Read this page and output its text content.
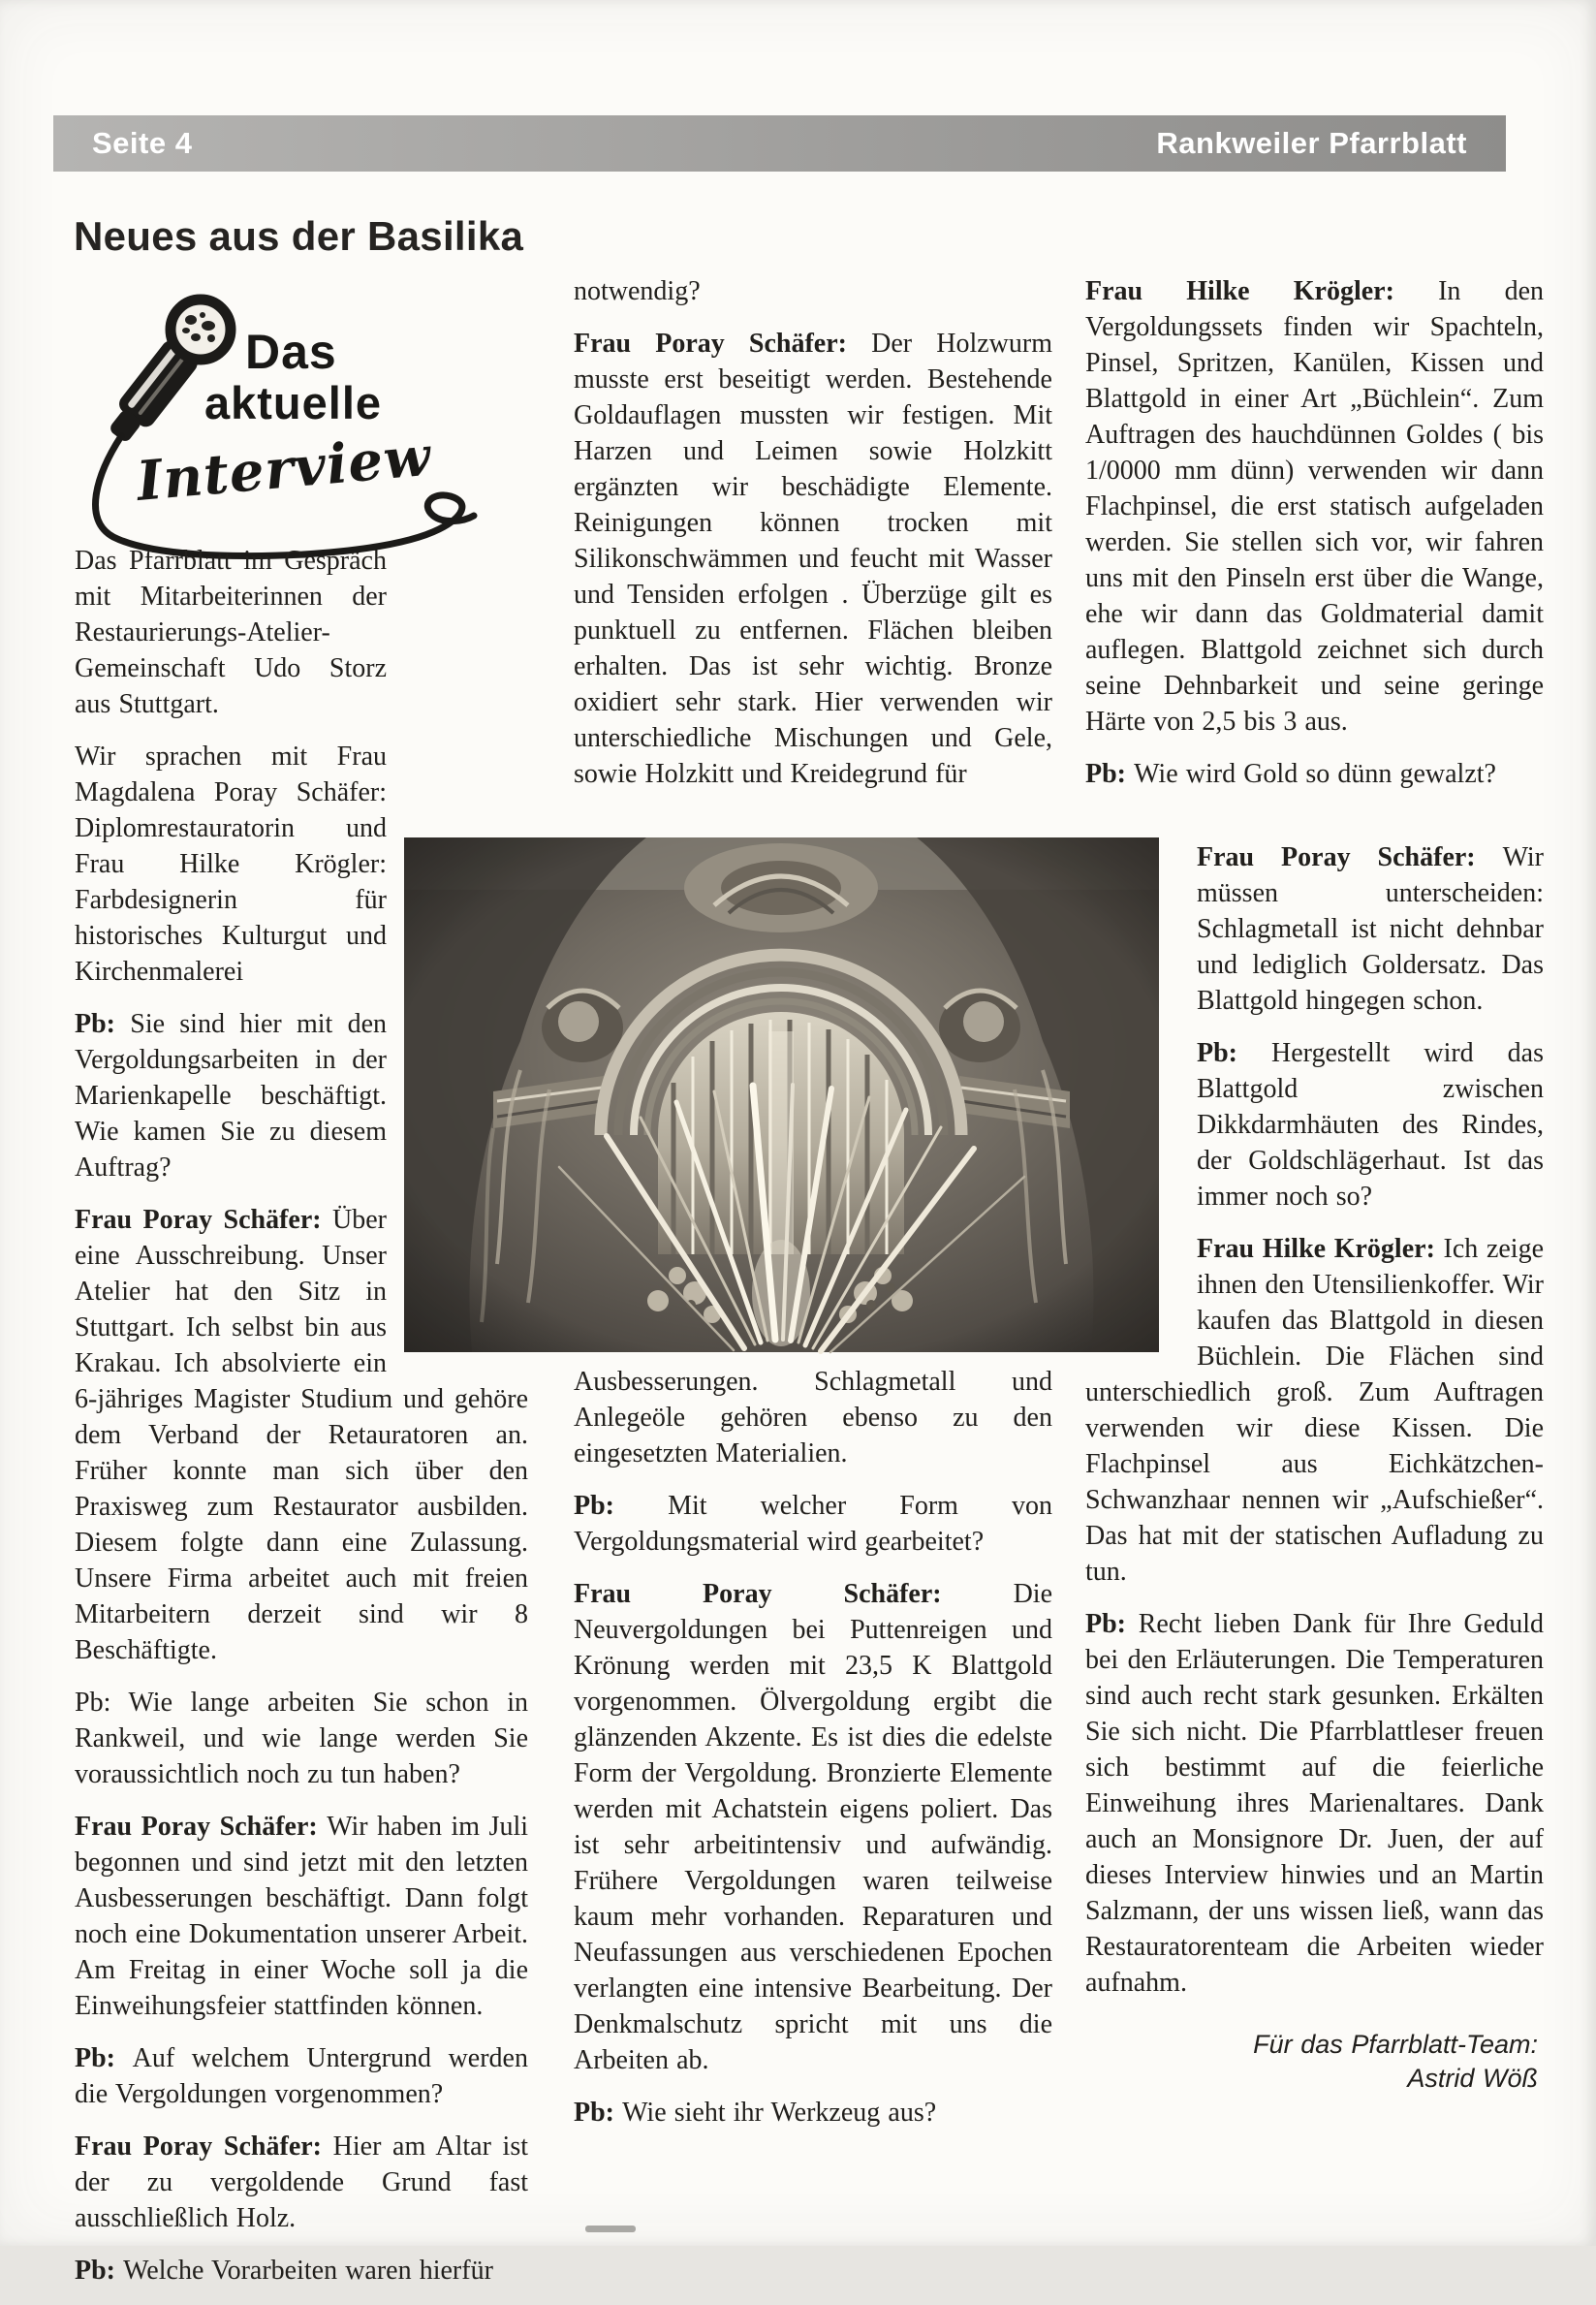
Seite 4	Rankweiler Pfarrblatt
Neues aus der Basilika
Das
aktuelle
Interview

Das Pfarrblatt im Gespräch mit Mitarbeiterinnen der Restaurierungs-Atelier-Gemeinschaft Udo Storz aus Stuttgart.

Wir sprachen mit Frau Magdalena Poray Schäfer: Diplomrestauratorin und Frau Hilke Krögler: Farbdesignerin für historisches Kulturgut und Kirchenmalerei

Pb: Sie sind hier mit den Vergoldungsarbeiten in der Marienkapelle beschäftigt. Wie kamen Sie zu diesem Auftrag?

Frau Poray Schäfer: Über eine Ausschreibung. Unser Atelier hat den Sitz in Stuttgart. Ich selbst bin aus Krakau. Ich absolvierte ein 6-jähriges Magister Studium und gehöre dem Verband der Retauratoren an. Früher konnte man sich über den Praxisweg zum Restaurator ausbilden. Diesem folgte dann eine Zulassung. Unsere Firma arbeitet auch mit freien Mitarbeitern derzeit sind wir 8 Beschäftigte.

Pb: Wie lange arbeiten Sie schon in Rankweil, und wie lange werden Sie voraussichtlich noch zu tun haben?

Frau Poray Schäfer: Wir haben im Juli begonnen und sind jetzt mit den letzten Ausbesserungen beschäftigt. Dann folgt noch eine Dokumentation unserer Arbeit. Am Freitag in einer Woche soll ja die Einweihungsfeier stattfinden können.

Pb: Auf welchem Untergrund werden die Vergoldungen vorgenommen?

Frau Poray Schäfer: Hier am Altar ist der zu vergoldende Grund fast ausschließlich Holz.

Pb: Welche Vorarbeiten waren hierfür

notwendig?

Frau Poray Schäfer: Der Holzwurm musste erst beseitigt werden. Bestehende Goldauflagen mussten wir festigen. Mit Harzen und Leimen sowie Holzkitt ergänzten wir beschädigte Elemente. Reinigungen können trocken mit Silikonschwämmen und feucht mit Wasser und Tensiden erfolgen . Überzüge gilt es punktuell zu entfernen. Flächen bleiben erhalten. Das ist sehr wichtig. Bronze oxidiert sehr stark. Hier verwenden wir unterschiedliche Mischungen und Gele, sowie Holzkitt und Kreidegrund für

Ausbesserungen. Schlagmetall und Anlegeöle gehören ebenso zu den eingesetzten Materialien.

Pb: Mit welcher Form von Vergoldungsmaterial wird gearbeitet?

Frau Poray Schäfer: Die Neuvergoldungen bei Puttenreigen und Krönung werden mit 23,5 K Blattgold vorgenommen. Ölvergoldung ergibt die glänzenden Akzente. Es ist dies die edelste Form der Vergoldung. Bronzierte Elemente werden mit Achatstein eigens poliert. Das ist sehr arbeitintensiv und aufwändig. Frühere Vergoldungen waren teilweise kaum mehr vorhanden. Reparaturen und Neufassungen aus verschiedenen Epochen verlangten eine intensive Bearbeitung. Der Denkmalschutz spricht mit uns die Arbeiten ab.

Pb: Wie sieht ihr Werkzeug aus?

Frau Hilke Krögler: In den Vergoldungssets finden wir Spachteln, Pinsel, Spritzen, Kanülen, Kissen und Blattgold in einer Art „Büchlein“. Zum Auftragen des hauchdünnen Goldes ( bis 1/0000 mm dünn) verwenden wir dann Flachpinsel, die erst statisch aufgeladen werden. Sie stellen sich vor, wir fahren uns mit den Pinseln erst über die Wange, ehe wir dann das Goldmaterial damit auflegen. Blattgold zeichnet sich durch seine Dehnbarkeit und seine geringe Härte von 2,5 bis 3 aus.

Pb: Wie wird Gold so dünn gewalzt?

Frau Poray Schäfer: Wir müssen unterscheiden: Schlagmetall ist nicht dehnbar und lediglich Goldersatz. Das Blattgold hingegen schon.

Pb: Hergestellt wird das Blattgold zwischen Dikkdarmhäuten des Rindes, der Goldschlägerhaut. Ist das immer noch so?

Frau Hilke Krögler: Ich zeige ihnen den Utensilienkoffer. Wir kaufen das Blattgold in diesen Büchlein. Die Flächen sind unterschiedlich groß. Zum Auftragen verwenden wir diese Kissen. Die Flachpinsel aus Eichkätzchen-Schwanzhaar nennen wir „Aufschießer“. Das hat mit der statischen Aufladung zu tun.

Pb: Recht lieben Dank für Ihre Geduld bei den Erläuterungen. Die Temperaturen sind auch recht stark gesunken. Erkälten Sie sich nicht. Die Pfarrblattleser freuen sich bestimmt auf die feierliche Einweihung ihres Marienaltares. Dank auch an Monsignore Dr. Juen, der auf dieses Interview hinwies und an Martin Salzmann, der uns wissen ließ, wann das Restauratorenteam die Arbeiten wieder aufnahm.

Für das Pfarrblatt-Team:
Astrid Wöß
